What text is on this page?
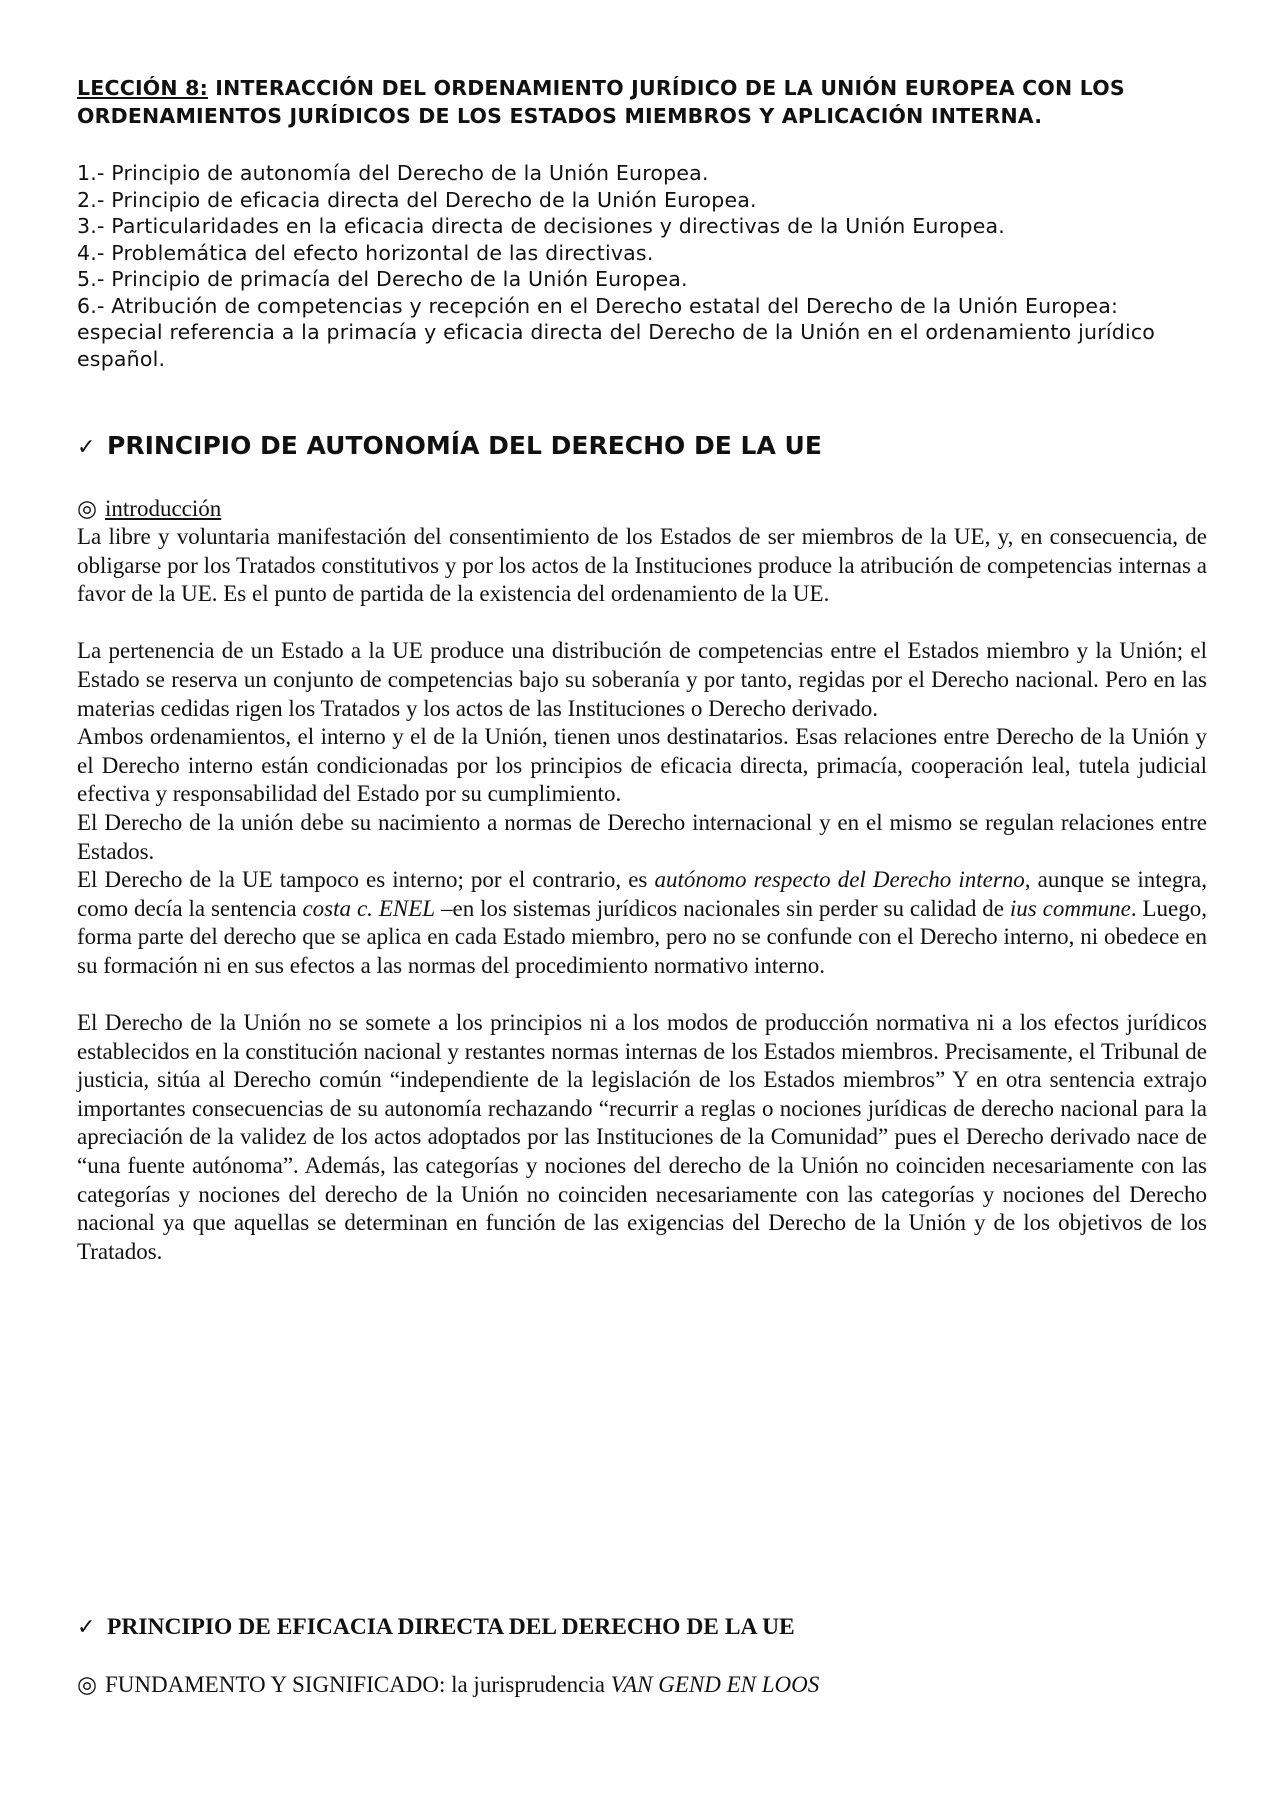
LECCIÓN 8: INTERACCIÓN DEL ORDENAMIENTO JURÍDICO DE LA UNIÓN EUROPEA CON LOS ORDENAMIENTOS JURÍDICOS DE LOS ESTADOS MIEMBROS Y APLICACIÓN INTERNA.

1.- Principio de autonomía del Derecho de la Unión Europea.
2.- Principio de eficacia directa del Derecho de la Unión Europea.
3.- Particularidades en la eficacia directa de decisiones y directivas de la Unión Europea.
4.- Problemática del efecto horizontal de las directivas.
5.- Principio de primacía del Derecho de la Unión Europea.
6.- Atribución de competencias y recepción en el Derecho estatal del Derecho de la Unión Europea: especial referencia a la primacía y eficacia directa del Derecho de la Unión en el ordenamiento jurídico español.
✓ PRINCIPIO DE AUTONOMÍA DEL DERECHO DE LA UE
◎ introducción

La libre y voluntaria manifestación del consentimiento de los Estados de ser miembros de la UE, y, en consecuencia, de obligarse por los Tratados constitutivos y por los actos de la Instituciones produce la atribución de competencias internas a favor de la UE. Es el punto de partida de la existencia del ordenamiento de la UE.

La pertenencia de un Estado a la UE produce una distribución de competencias entre el Estados miembro y la Unión; el Estado se reserva un conjunto de competencias bajo su soberanía y por tanto, regidas por el Derecho nacional. Pero en las materias cedidas rigen los Tratados y los actos de las Instituciones o Derecho derivado.

Ambos ordenamientos, el interno y el de la Unión, tienen unos destinatarios. Esas relaciones entre Derecho de la Unión y el Derecho interno están condicionadas por los principios de eficacia directa, primacía, cooperación leal, tutela judicial efectiva y responsabilidad del Estado por su cumplimiento.

El Derecho de la unión debe su nacimiento a normas de Derecho internacional y en el mismo se regulan relaciones entre Estados.

El Derecho de la UE tampoco es interno; por el contrario, es autónomo respecto del Derecho interno, aunque se integra, como decía la sentencia costa c. ENEL –en los sistemas jurídicos nacionales sin perder su calidad de ius commune. Luego, forma parte del derecho que se aplica en cada Estado miembro, pero no se confunde con el Derecho interno, ni obedece en su formación ni en sus efectos a las normas del procedimiento normativo interno.

El Derecho de la Unión no se somete a los principios ni a los modos de producción normativa ni a los efectos jurídicos establecidos en la constitución nacional y restantes normas internas de los Estados miembros. Precisamente, el Tribunal de justicia, sitúa al Derecho común “independiente de la legislación de los Estados miembros” Y en otra sentencia extrajo importantes consecuencias de su autonomía rechazando “recurrir a reglas o nociones jurídicas de derecho nacional para la apreciación de la validez de los actos adoptados por las Instituciones de la Comunidad” pues el Derecho derivado nace de “una fuente autónoma”. Además, las categorías y nociones del derecho de la Unión no coinciden necesariamente con las categorías y nociones del derecho de la Unión no coinciden necesariamente con las categorías y nociones del Derecho nacional ya que aquellas se determinan en función de las exigencias del Derecho de la Unión y de los objetivos de los Tratados.

✓ PRINCIPIO DE EFICACIA DIRECTA DEL DERECHO DE LA UE
◎ FUNDAMENTO Y SIGNIFICADO: la jurisprudencia VAN GEND EN LOOS
